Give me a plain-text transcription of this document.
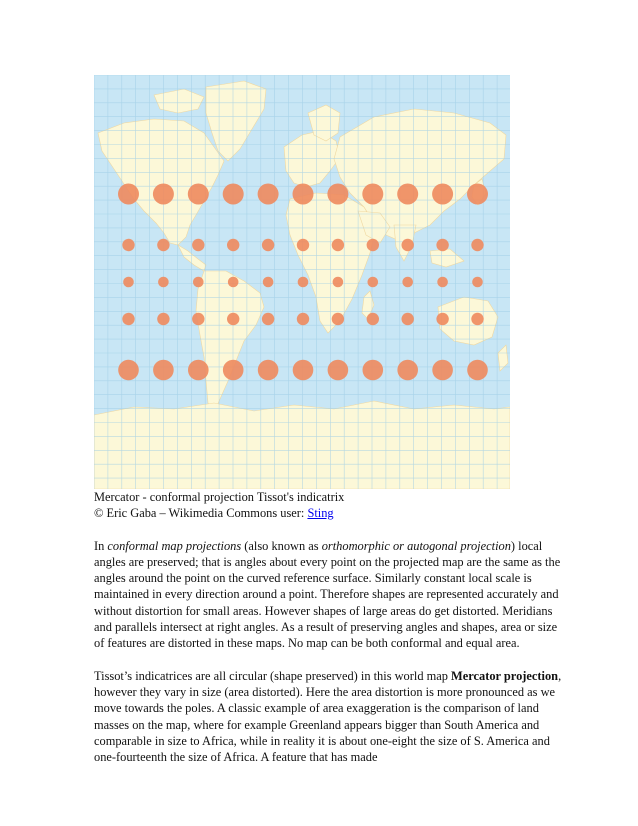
Mercator - conformal projection Tissot's indicatrix
© Eric Gaba – Wikimedia Commons user: Sting

In conformal map projections (also known as orthomorphic or autogonal projection) local angles are preserved; that is angles about every point on the projected map are the same as the angles around the point on the curved reference surface. Similarly constant local scale is maintained in every direction around a point. Therefore shapes are represented accurately and without distortion for small areas. However shapes of large areas do get distorted. Meridians and parallels intersect at right angles. As a result of preserving angles and shapes, area or size of features are distorted in these maps. No map can be both conformal and equal area.

Tissot’s indicatrices are all circular (shape preserved) in this world map Mercator projection, however they vary in size (area distorted). Here the area distortion is more pronounced as we move towards the poles. A classic example of area exaggeration is the comparison of land masses on the map, where for example Greenland appears bigger than South America and comparable in size to Africa, while in reality it is about one-eight the size of S. America and one-fourteenth the size of Africa. A feature that has made
